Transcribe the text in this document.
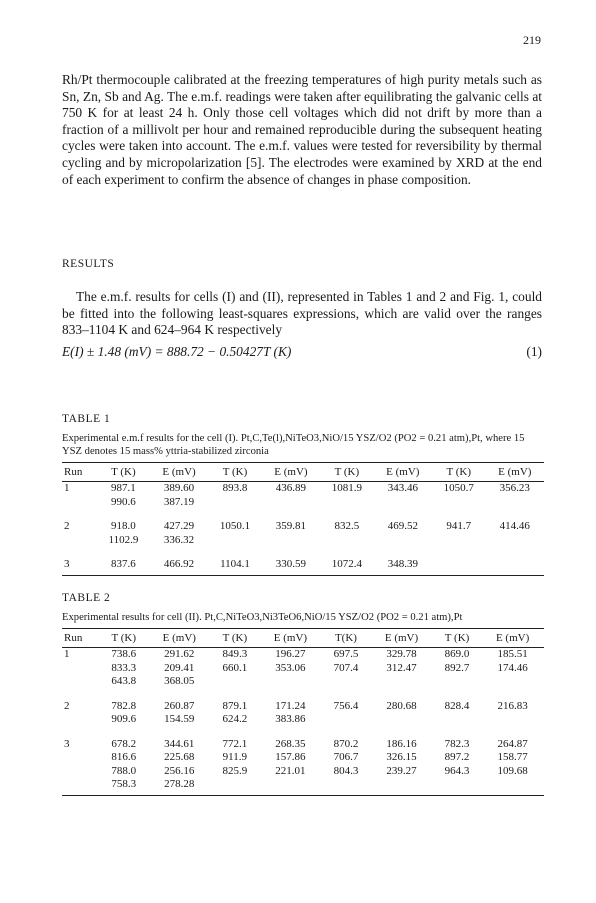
219

Rh/Pt thermocouple calibrated at the freezing temperatures of high purity metals such as Sn, Zn, Sb and Ag. The e.m.f. readings were taken after equilibrating the galvanic cells at 750 K for at least 24 h. Only those cell voltages which did not drift by more than a fraction of a millivolt per hour and remained reproducible during the subsequent heating cycles were taken into account. The e.m.f. values were tested for reversibility by thermal cycling and by micropolarization [5]. The electrodes were examined by XRD at the end of each experiment to confirm the absence of changes in phase composition.

RESULTS

The e.m.f. results for cells (I) and (II), represented in Tables 1 and 2 and Fig. 1, could be fitted into the following least-squares expressions, which are valid over the ranges 833–1104 K and 624–964 K respectively

E(I) ± 1.48 (mV) = 888.72 − 0.50427T (K)	(1)
TABLE 1
Experimental e.m.f results for the cell (I). Pt,C,Te(l),NiTeO3,NiO/15 YSZ/O2 (PO2 = 0.21 atm),Pt, where 15 YSZ denotes 15 mass% yttria-stabilized zirconia
Run	T (K)	E (mV)	T (K)	E (mV)	T (K)	E (mV)	T (K)	E (mV)
1	987.1	389.60	893.8	436.89	1081.9	343.46	1050.7	356.23
	990.6	387.19						

2	918.0	427.29	1050.1	359.81	832.5	469.52	941.7	414.46
	1102.9	336.32						

3	837.6	466.92	1104.1	330.59	1072.4	348.39		
TABLE 2
Experimental results for cell (II). Pt,C,NiTeO3,Ni3TeO6,NiO/15 YSZ/O2 (PO2 = 0.21 atm),Pt
Run	T (K)	E (mV)	T (K)	E (mV)	T(K)	E (mV)	T (K)	E (mV)
1	738.6	291.62	849.3	196.27	697.5	329.78	869.0	185.51
	833.3	209.41	660.1	353.06	707.4	312.47	892.7	174.46
	643.8	368.05						

2	782.8	260.87	879.1	171.24	756.4	280.68	828.4	216.83
	909.6	154.59	624.2	383.86				

3	678.2	344.61	772.1	268.35	870.2	186.16	782.3	264.87
	816.6	225.68	911.9	157.86	706.7	326.15	897.2	158.77
	788.0	256.16	825.9	221.01	804.3	239.27	964.3	109.68
	758.3	278.28						
